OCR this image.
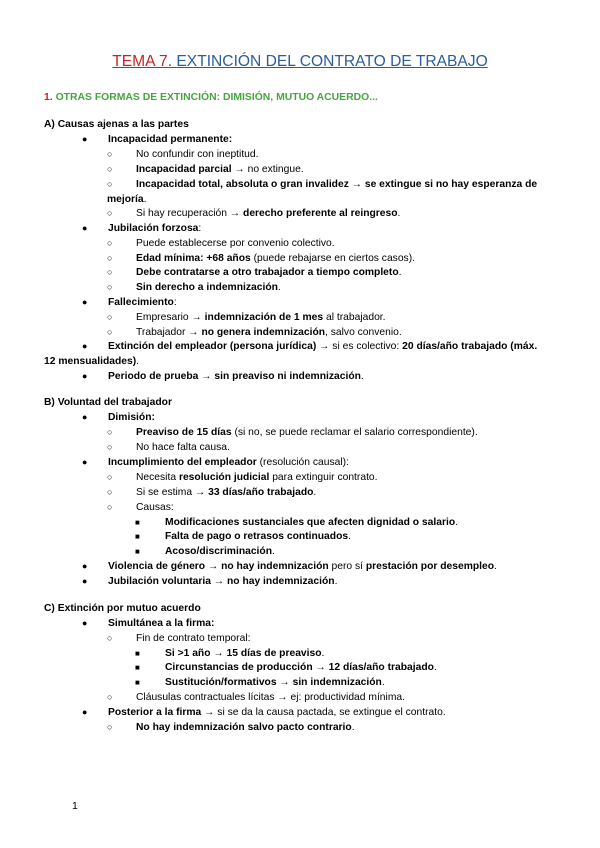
TEMA 7. EXTINCIÓN DEL CONTRATO DE TRABAJO
1. OTRAS FORMAS DE EXTINCIÓN: DIMISIÓN, MUTUO ACUERDO...
A) Causas ajenas a las partes
● Incapacidad permanente:
○ No confundir con ineptitud.
○ Incapacidad parcial → no extingue.
○ Incapacidad total, absoluta o gran invalidez → se extingue si no hay esperanza de
mejoría.
○ Si hay recuperación → derecho preferente al reingreso.
● Jubilación forzosa:
○ Puede establecerse por convenio colectivo.
○ Edad mínima: +68 años (puede rebajarse en ciertos casos).
○ Debe contratarse a otro trabajador a tiempo completo.
○ Sin derecho a indemnización.
● Fallecimiento:
○ Empresario → indemnización de 1 mes al trabajador.
○ Trabajador → no genera indemnización, salvo convenio.
● Extinción del empleador (persona jurídica) → si es colectivo: 20 días/año trabajado (máx.
12 mensualidades).
● Periodo de prueba → sin preaviso ni indemnización.
B) Voluntad del trabajador
● Dimisión:
○ Preaviso de 15 días (si no, se puede reclamar el salario correspondiente).
○ No hace falta causa.
● Incumplimiento del empleador (resolución causal):
○ Necesita resolución judicial para extinguir contrato.
○ Si se estima → 33 días/año trabajado.
○ Causas:
■ Modificaciones sustanciales que afecten dignidad o salario.
■ Falta de pago o retrasos continuados.
■ Acoso/discriminación.
● Violencia de género → no hay indemnización pero sí prestación por desempleo.
● Jubilación voluntaria → no hay indemnización.
C) Extinción por mutuo acuerdo
● Simultánea a la firma:
○ Fin de contrato temporal:
■ Si >1 año → 15 días de preaviso.
■ Circunstancias de producción → 12 días/año trabajado.
■ Sustitución/formativos → sin indemnización.
○ Cláusulas contractuales lícitas → ej: productividad mínima.
● Posterior a la firma → si se da la causa pactada, se extingue el contrato.
○ No hay indemnización salvo pacto contrario.
1
